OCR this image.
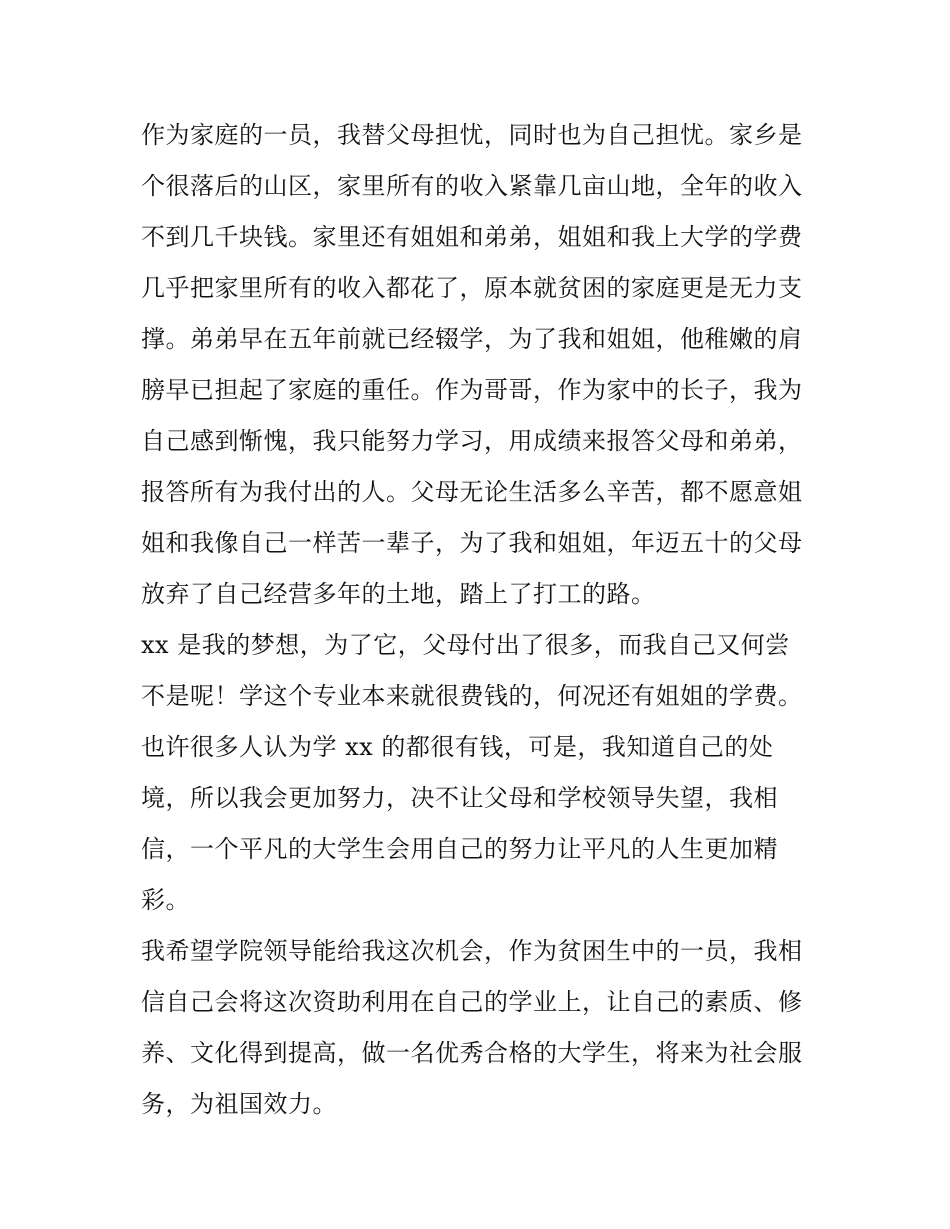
作为家庭的一员，我替父母担忧，同时也为自己担忧。家乡是
个很落后的山区，家里所有的收入紧靠几亩山地，全年的收入
不到几千块钱。家里还有姐姐和弟弟，姐姐和我上大学的学费
几乎把家里所有的收入都花了，原本就贫困的家庭更是无力支
撑。弟弟早在五年前就已经辍学，为了我和姐姐，他稚嫩的肩
膀早已担起了家庭的重任。作为哥哥，作为家中的长子，我为
自己感到惭愧，我只能努力学习，用成绩来报答父母和弟弟，
报答所有为我付出的人。父母无论生活多么辛苦，都不愿意姐
姐和我像自己一样苦一辈子，为了我和姐姐，年迈五十的父母
放弃了自己经营多年的土地，踏上了打工的路。
xx 是我的梦想，为了它，父母付出了很多，而我自己又何尝
不是呢！学这个专业本来就很费钱的，何况还有姐姐的学费。
也许很多人认为学 xx 的都很有钱，可是，我知道自己的处
境，所以我会更加努力，决不让父母和学校领导失望，我相
信，一个平凡的大学生会用自己的努力让平凡的人生更加精
彩。
我希望学院领导能给我这次机会，作为贫困生中的一员，我相
信自己会将这次资助利用在自己的学业上，让自己的素质、修
养、文化得到提高，做一名优秀合格的大学生，将来为社会服
务，为祖国效力。
